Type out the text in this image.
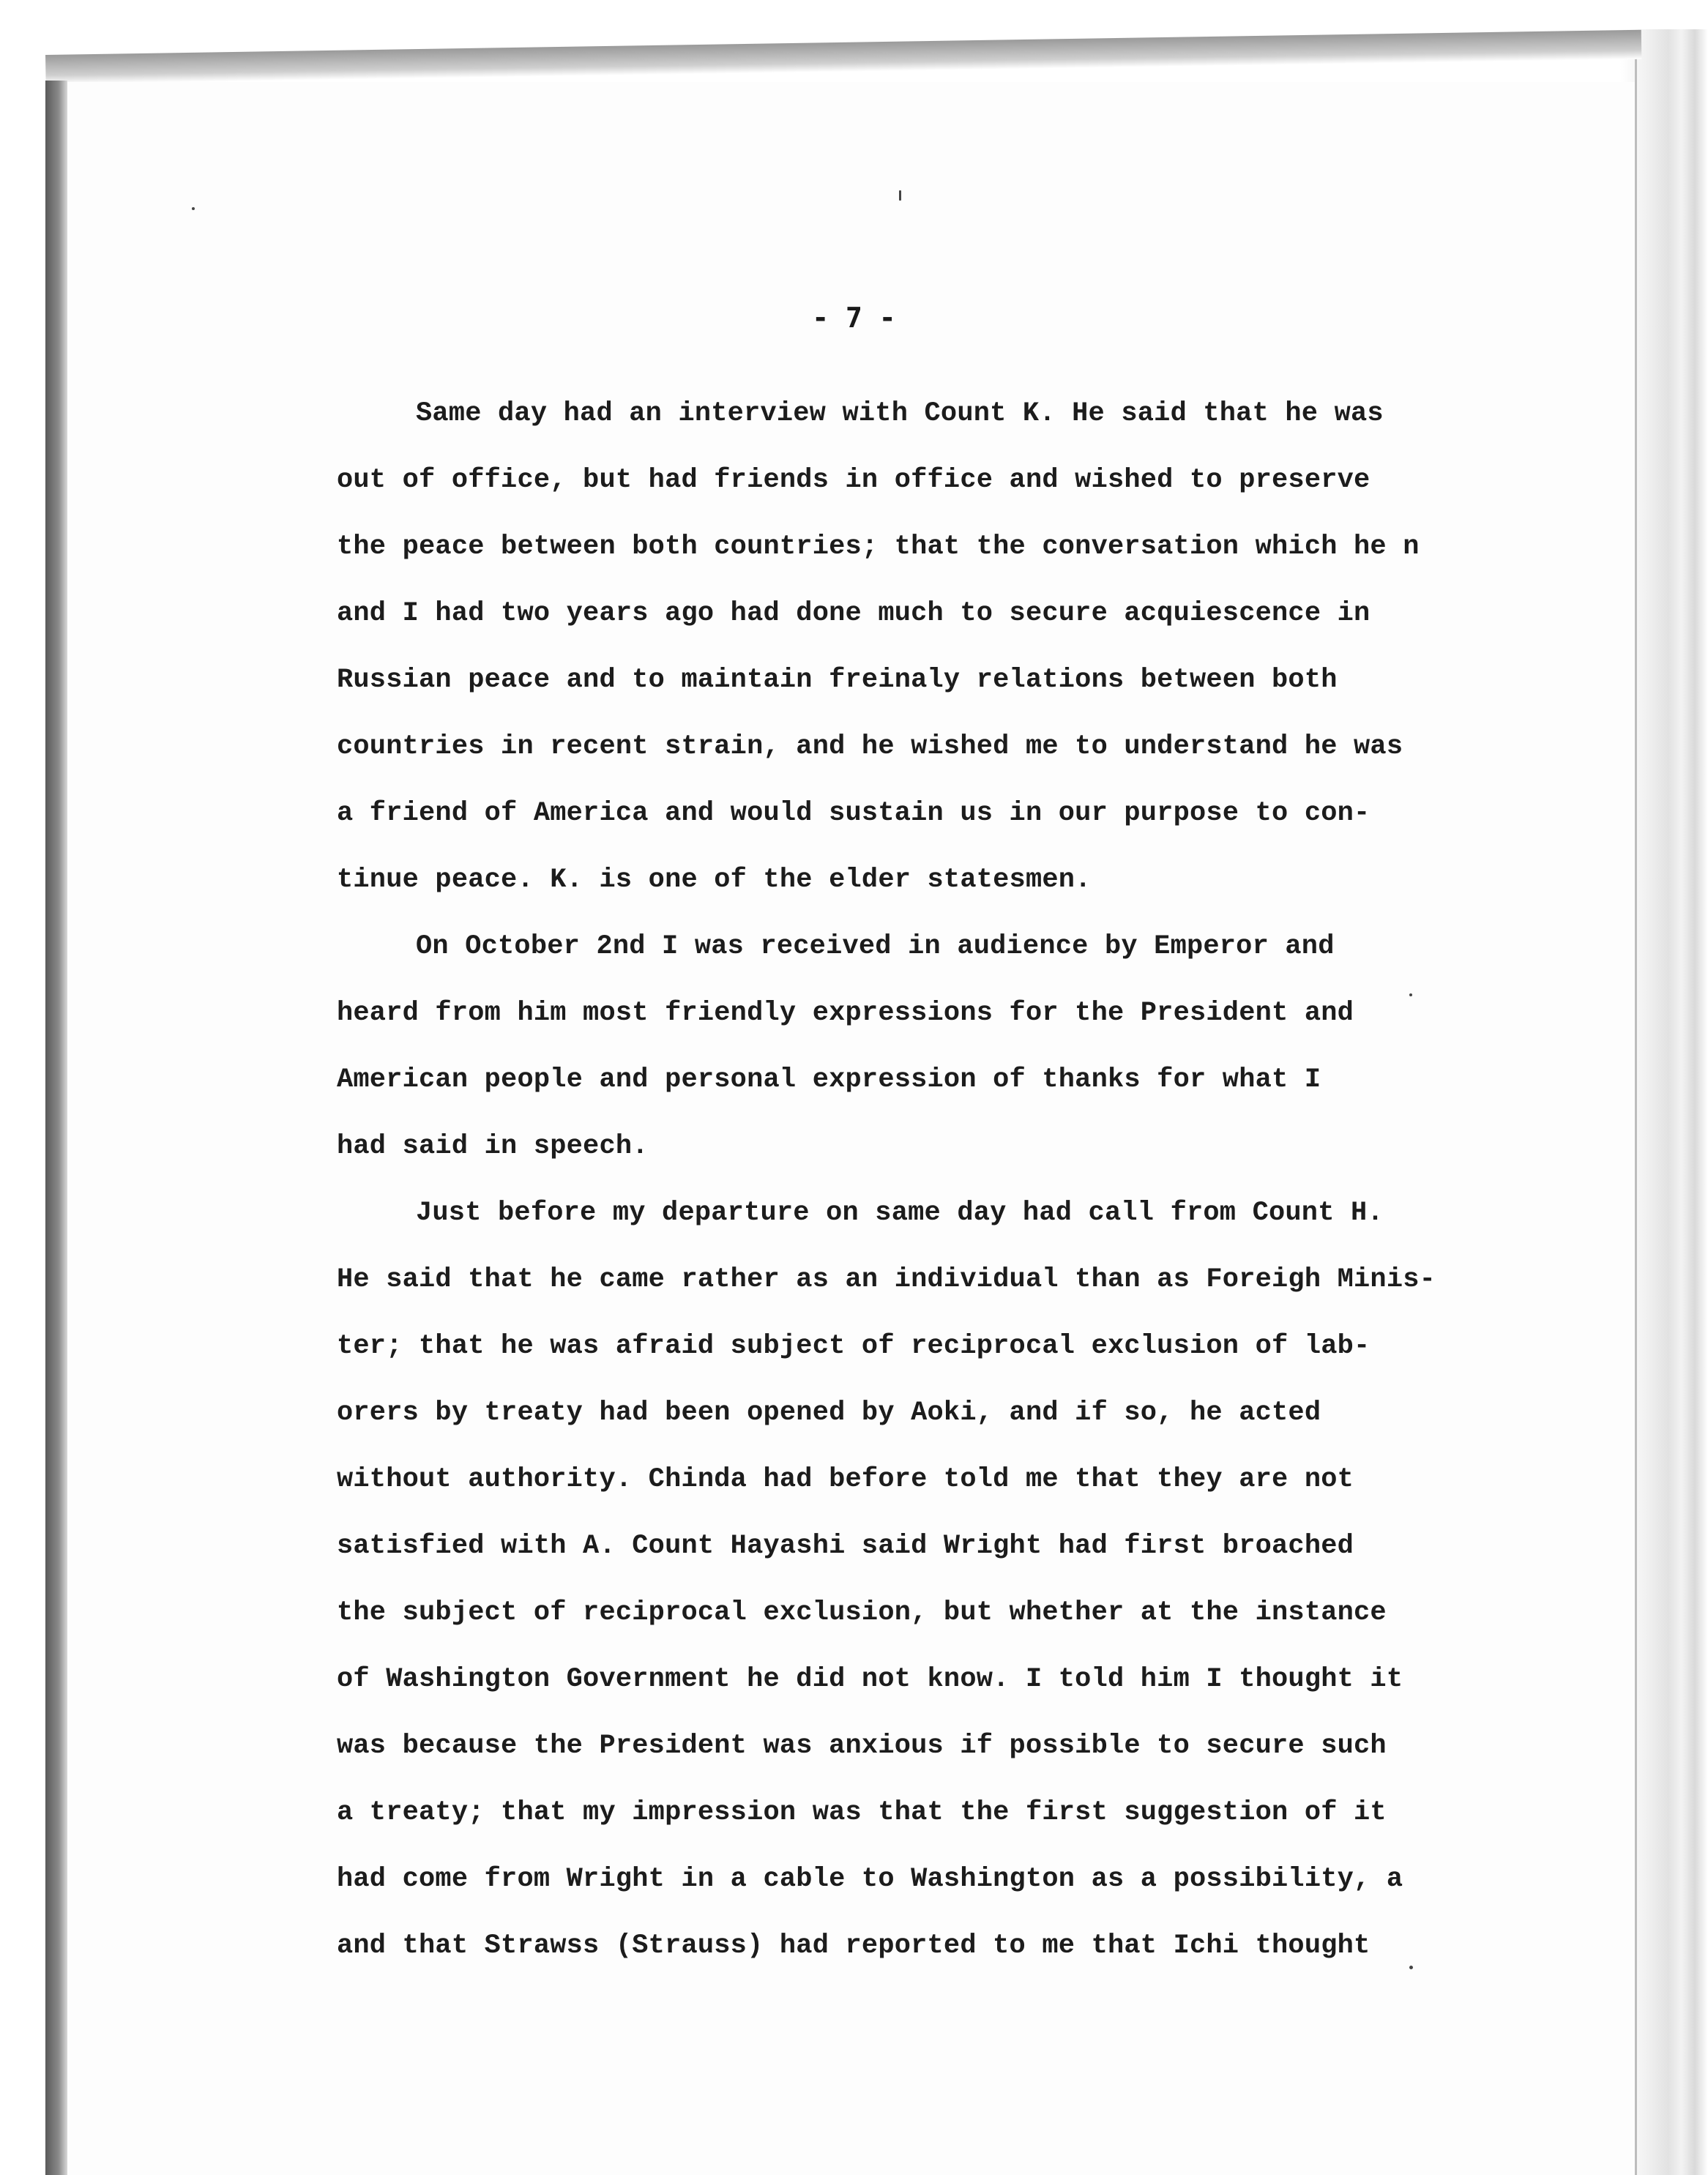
- 7 -
Same day had an interview with Count K. He said that he was
out of office, but had friends in office and wished to preserve
the peace between both countries; that the conversation which he n
and I had two years ago had done much to secure acquiescence in
Russian peace and to maintain freinaly relations between both
countries in recent strain, and he wished me to understand he was
a friend of America and would sustain us in our purpose to con-
tinue peace. K. is one of the elder statesmen.
On October 2nd I was received in audience by Emperor and
heard from him most friendly expressions for the President and
American people and personal expression of thanks for what I
had said in speech.
Just before my departure on same day had call from Count H.
He said that he came rather as an individual than as Foreigh Minis-
ter; that he was afraid subject of reciprocal exclusion of lab-
orers by treaty had been opened by Aoki, and if so, he acted
without authority. Chinda had before told me that they are not
satisfied with A. Count Hayashi said Wright had first broached
the subject of reciprocal exclusion, but whether at the instance
of Washington Government he did not know. I told him I thought it
was because the President was anxious if possible to secure such
a treaty; that my impression was that the first suggestion of it
had come from Wright in a cable to Washington as a possibility, a
and that Strawss (Strauss) had reported to me that Ichi thought
